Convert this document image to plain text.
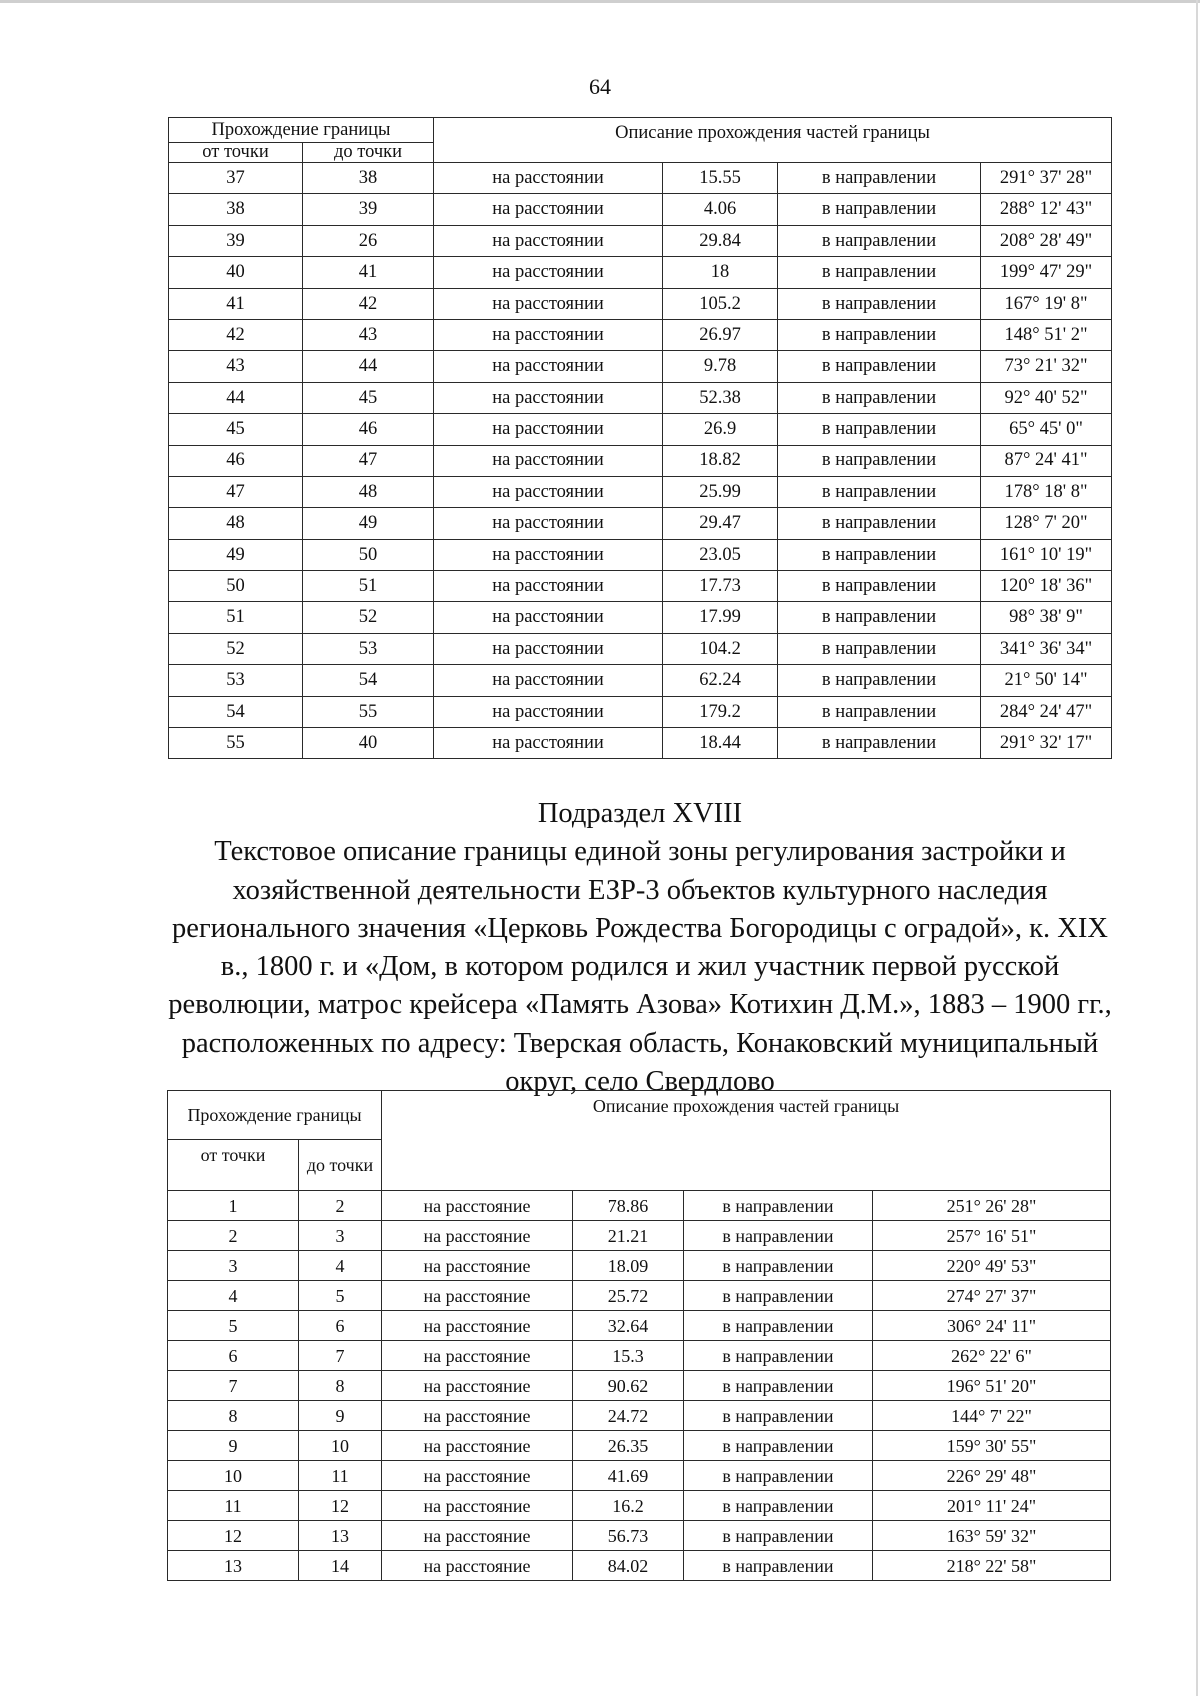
64
Прохождение границы		Описание прохождения частей границы			
от точки	до точки				
37	38	на расстоянии	15.55	в направлении	291° 37' 28"
38	39	на расстоянии	4.06	в направлении	288° 12' 43"
39	26	на расстоянии	29.84	в направлении	208° 28' 49"
40	41	на расстоянии	18	в направлении	199° 47' 29"
41	42	на расстоянии	105.2	в направлении	167° 19' 8"
42	43	на расстоянии	26.97	в направлении	148° 51' 2"
43	44	на расстоянии	9.78	в направлении	73° 21' 32"
44	45	на расстоянии	52.38	в направлении	92° 40' 52"
45	46	на расстоянии	26.9	в направлении	65° 45' 0"
46	47	на расстоянии	18.82	в направлении	87° 24' 41"
47	48	на расстоянии	25.99	в направлении	178° 18' 8"
48	49	на расстоянии	29.47	в направлении	128° 7' 20"
49	50	на расстоянии	23.05	в направлении	161° 10' 19"
50	51	на расстоянии	17.73	в направлении	120° 18' 36"
51	52	на расстоянии	17.99	в направлении	98° 38' 9"
52	53	на расстоянии	104.2	в направлении	341° 36' 34"
53	54	на расстоянии	62.24	в направлении	21° 50' 14"
54	55	на расстоянии	179.2	в направлении	284° 24' 47"
55	40	на расстоянии	18.44	в направлении	291° 32' 17"
Подраздел XVIII
Текстовое описание границы единой зоны регулирования застройки и
хозяйственной деятельности ЕЗР-3 объектов культурного наследия
регионального значения «Церковь Рождества Богородицы с оградой», к. XIX
в., 1800 г. и «Дом, в котором родился и жил участник первой русской
революции, матрос крейсера «Память Азова» Котихин Д.М.», 1883 – 1900 гг.,
расположенных по адресу: Тверская область, Конаковский муниципальный
округ, село Свердлово
Прохождение границы		Описание прохождения частей границы			
от точки	до точки				
1	2	на расстояние	78.86	в направлении	251° 26' 28"
2	3	на расстояние	21.21	в направлении	257° 16' 51"
3	4	на расстояние	18.09	в направлении	220° 49' 53"
4	5	на расстояние	25.72	в направлении	274° 27' 37"
5	6	на расстояние	32.64	в направлении	306° 24' 11"
6	7	на расстояние	15.3	в направлении	262° 22' 6"
7	8	на расстояние	90.62	в направлении	196° 51' 20"
8	9	на расстояние	24.72	в направлении	144° 7' 22"
9	10	на расстояние	26.35	в направлении	159° 30' 55"
10	11	на расстояние	41.69	в направлении	226° 29' 48"
11	12	на расстояние	16.2	в направлении	201° 11' 24"
12	13	на расстояние	56.73	в направлении	163° 59' 32"
13	14	на расстояние	84.02	в направлении	218° 22' 58"
